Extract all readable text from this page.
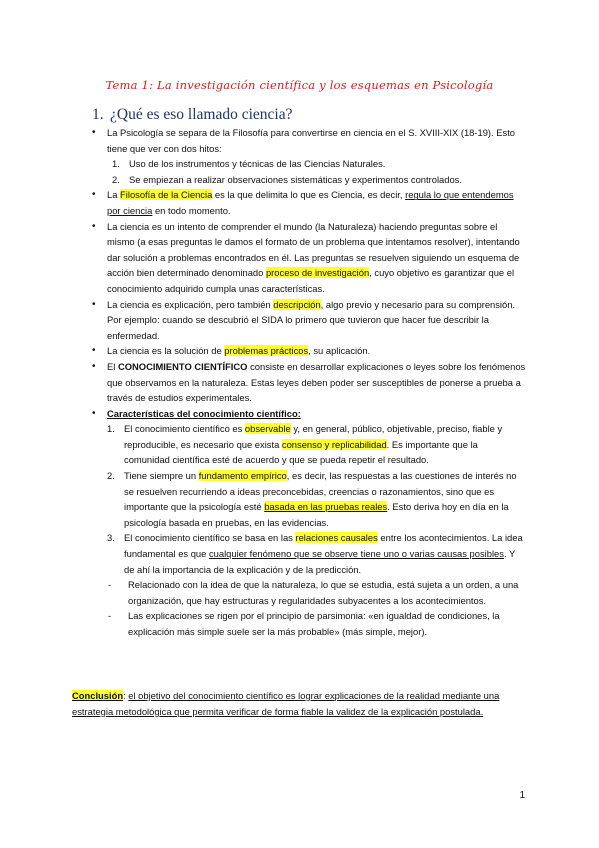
Tema 1: La investigación científica y los esquemas en Psicología
1. ¿Qué es eso llamado ciencia?
• La Psicología se separa de la Filosofía para convertirse en ciencia en el S. XVIII-XIX (18-19). Esto tiene que ver con dos hitos:
1. Uso de los instrumentos y técnicas de las Ciencias Naturales.
2. Se empiezan a realizar observaciones sistemáticas y experimentos controlados.
• La Filosofía de la Ciencia es la que delimita lo que es Ciencia, es decir, regula lo que entendemos por ciencia en todo momento.
• La ciencia es un intento de comprender el mundo (la Naturaleza) haciendo preguntas sobre el mismo (a esas preguntas le damos el formato de un problema que intentamos resolver), intentando dar solución a problemas encontrados en él. Las preguntas se resuelven siguiendo un esquema de acción bien determinado denominado proceso de investigación, cuyo objetivo es garantizar que el conocimiento adquirido cumpla unas características.
• La ciencia es explicación, pero también descripción, algo previo y necesario para su comprensión. Por ejemplo: cuando se descubrió el SIDA lo primero que tuvieron que hacer fue describir la enfermedad.
• La ciencia es la solución de problemas prácticos, su aplicación.
• El CONOCIMIENTO CIENTÍFICO consiste en desarrollar explicaciones o leyes sobre los fenómenos que observamos en la naturaleza. Estas leyes deben poder ser susceptibles de ponerse a prueba a través de estudios experimentales.
• Características del conocimiento científico:
1. El conocimiento científico es observable y, en general, público, objetivable, preciso, fiable y reproducible, es necesario que exista consenso y replicabilidad. Es importante que la comunidad científica esté de acuerdo y que se pueda repetir el resultado.
2. Tiene siempre un fundamento empírico, es decir, las respuestas a las cuestiones de interés no se resuelven recurriendo a ideas preconcebidas, creencias o razonamientos, sino que es importante que la psicología esté basada en las pruebas reales. Esto deriva hoy en día en la psicología basada en pruebas, en las evidencias.
3. El conocimiento científico se basa en las relaciones causales entre los acontecimientos. La idea fundamental es que cualquier fenómeno que se observe tiene uno o varias causas posibles. Y de ahí la importancia de la explicación y de la predicción.
- Relacionado con la idea de que la naturaleza, lo que se estudia, está sujeta a un orden, a una organización, que hay estructuras y regularidades subyacentes a los acontecimientos.
- Las explicaciones se rigen por el principio de parsimonia: «en igualdad de condiciones, la explicación más simple suele ser la más probable» (más simple, mejor).
Conclusión: el objetivo del conocimiento científico es lograr explicaciones de la realidad mediante una estrategia metodológica que permita verificar de forma fiable la validez de la explicación postulada.
1
